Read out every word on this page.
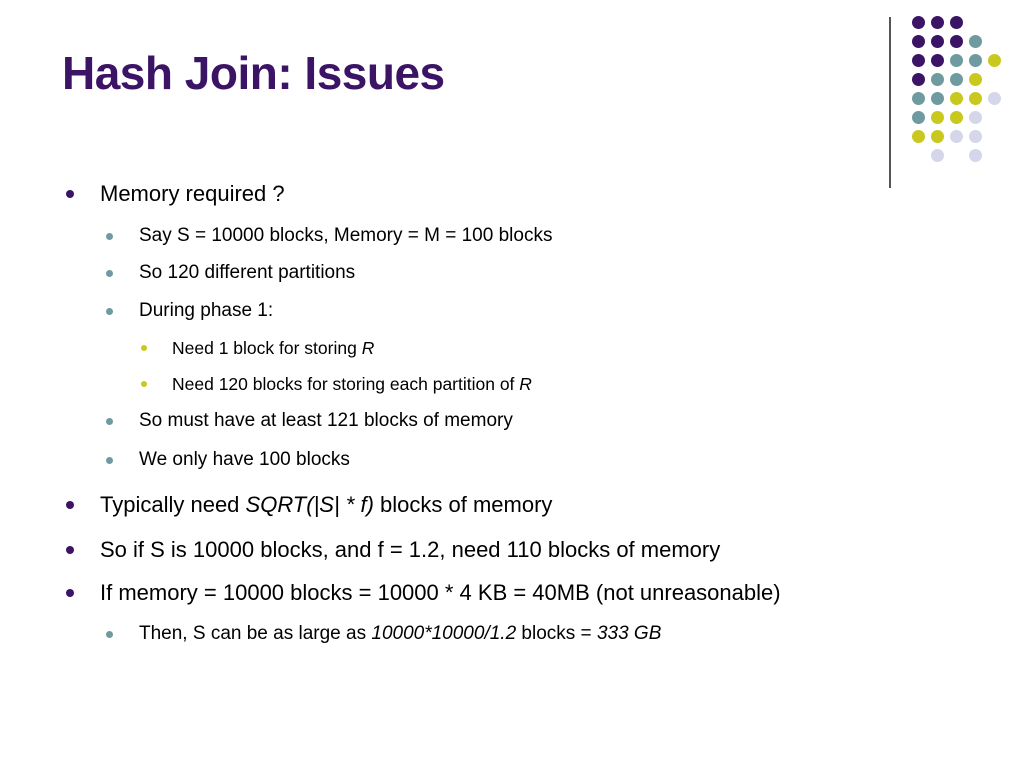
Hash Join: Issues
Memory required ?
Say S = 10000 blocks, Memory = M = 100 blocks
So 120 different partitions
During phase 1:
Need 1 block for storing R
Need 120 blocks for storing each partition of R
So must have at least 121 blocks of memory
We only have 100 blocks
Typically need SQRT(|S| * f) blocks of memory
So if S is 10000 blocks, and f = 1.2, need 110 blocks of memory
If memory = 10000 blocks = 10000 * 4 KB = 40MB (not unreasonable)
Then, S can be as large as 10000*10000/1.2 blocks = 333 GB
